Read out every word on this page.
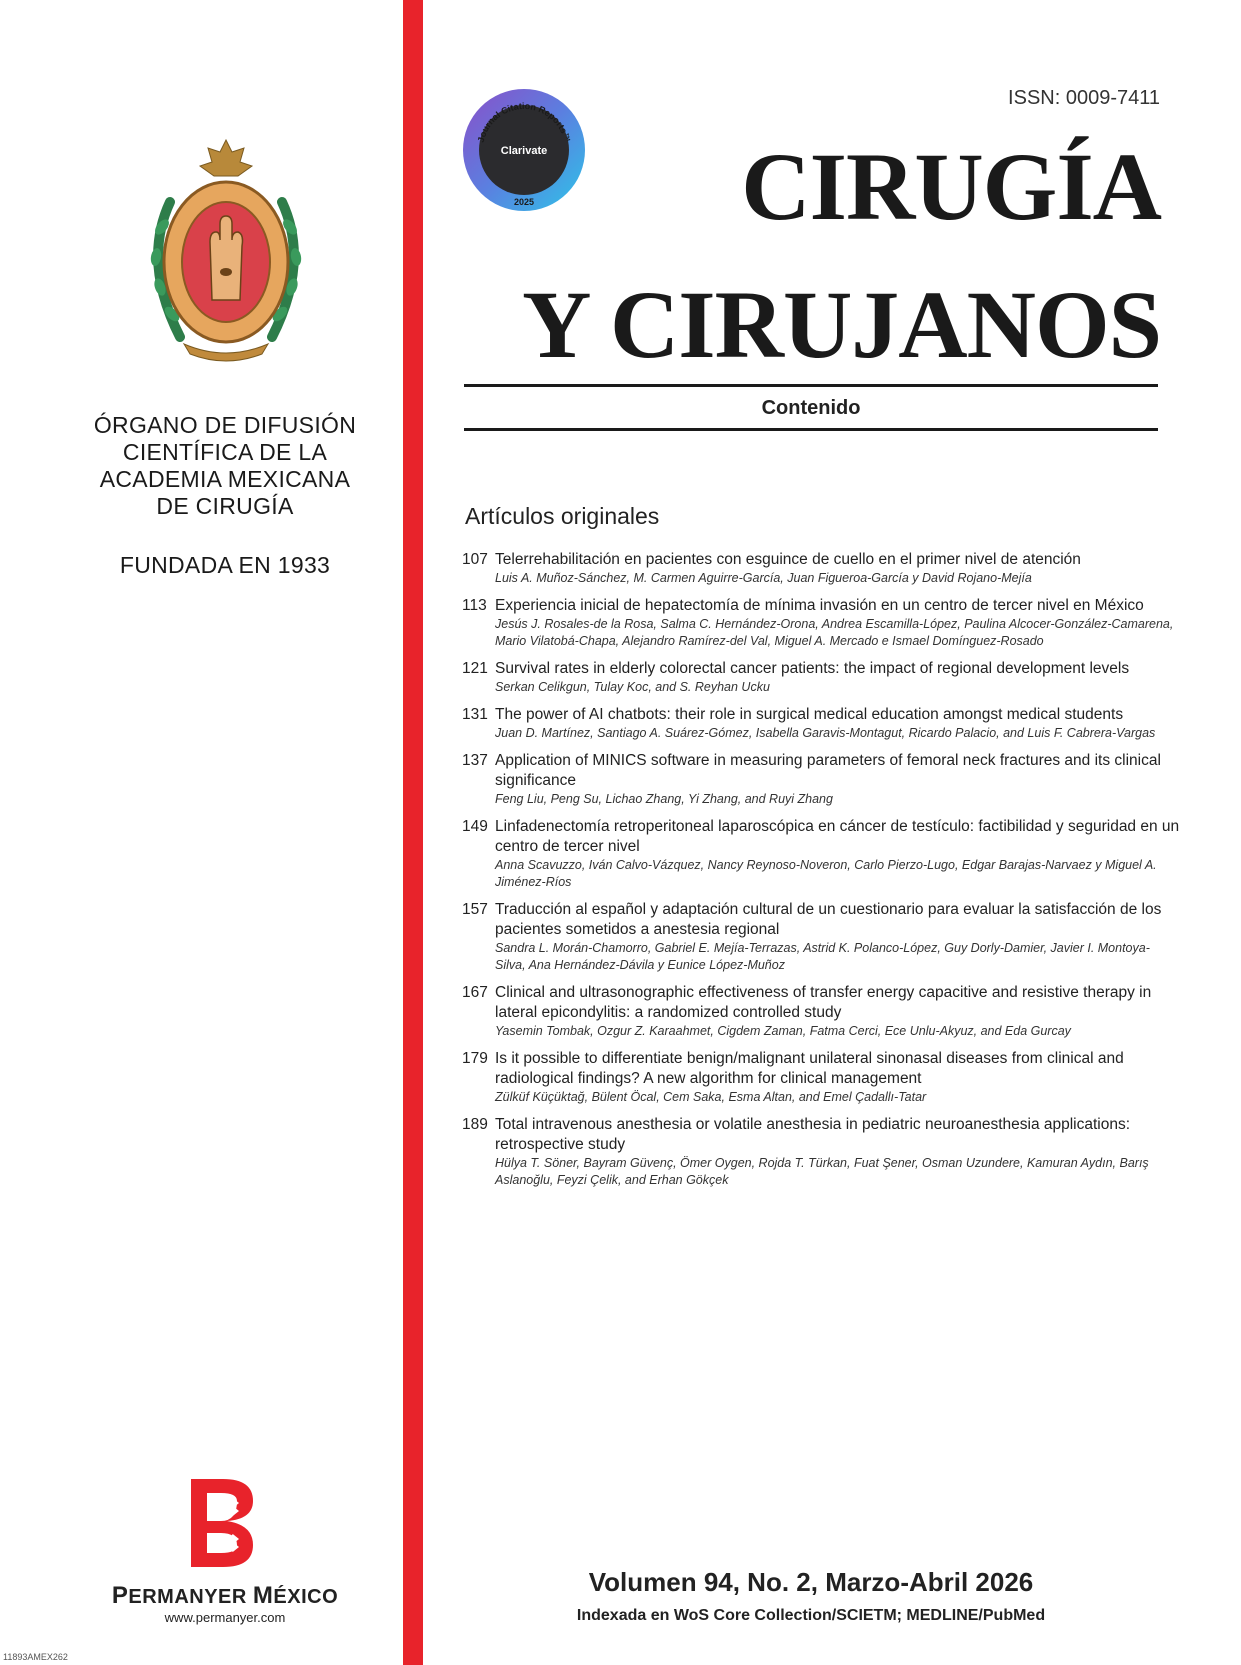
ÓRGANO DE DIFUSIÓN
CIENTÍFICA DE LA
ACADEMIA MEXICANA
DE CIRUGÍA
FUNDADA EN 1933
PERMANYER MÉXICO
www.permanyer.com
11893AMEX262
Journal Citation Reports™
Clarivate
2025
ISSN: 0009-7411
CIRUGÍA
Y CIRUJANOS
Contenido
Artículos originales
107 Telerrehabilitación en pacientes con esguince de cuello en el primer nivel de atención
Luis A. Muñoz-Sánchez, M. Carmen Aguirre-García, Juan Figueroa-García y David Rojano-Mejía
113 Experiencia inicial de hepatectomía de mínima invasión en un centro de tercer nivel en México
Jesús J. Rosales-de la Rosa, Salma C. Hernández-Orona, Andrea Escamilla-López, Paulina Alcocer-González-Camarena, Mario Vilatobá-Chapa, Alejandro Ramírez-del Val, Miguel A. Mercado e Ismael Domínguez-Rosado
121 Survival rates in elderly colorectal cancer patients: the impact of regional development levels
Serkan Celikgun, Tulay Koc, and S. Reyhan Ucku
131 The power of AI chatbots: their role in surgical medical education amongst medical students
Juan D. Martínez, Santiago A. Suárez-Gómez, Isabella Garavis-Montagut, Ricardo Palacio, and Luis F. Cabrera-Vargas
137 Application of MINICS software in measuring parameters of femoral neck fractures and its clinical significance
Feng Liu, Peng Su, Lichao Zhang, Yi Zhang, and Ruyi Zhang
149 Linfadenectomía retroperitoneal laparoscópica en cáncer de testículo: factibilidad y seguridad en un centro de tercer nivel
Anna Scavuzzo, Iván Calvo-Vázquez, Nancy Reynoso-Noveron, Carlo Pierzo-Lugo, Edgar Barajas-Narvaez y Miguel A. Jiménez-Ríos
157 Traducción al español y adaptación cultural de un cuestionario para evaluar la satisfacción de los pacientes sometidos a anestesia regional
Sandra L. Morán-Chamorro, Gabriel E. Mejía-Terrazas, Astrid K. Polanco-López, Guy Dorly-Damier, Javier I. Montoya-Silva, Ana Hernández-Dávila y Eunice López-Muñoz
167 Clinical and ultrasonographic effectiveness of transfer energy capacitive and resistive therapy in lateral epicondylitis: a randomized controlled study
Yasemin Tombak, Ozgur Z. Karaahmet, Cigdem Zaman, Fatma Cerci, Ece Unlu-Akyuz, and Eda Gurcay
179 Is it possible to differentiate benign/malignant unilateral sinonasal diseases from clinical and radiological findings? A new algorithm for clinical management
Zülküf Küçüktağ, Bülent Öcal, Cem Saka, Esma Altan, and Emel Çadallı-Tatar
189 Total intravenous anesthesia or volatile anesthesia in pediatric neuroanesthesia applications: retrospective study
Hülya T. Söner, Bayram Güvenç, Ömer Oygen, Rojda T. Türkan, Fuat Şener, Osman Uzundere, Kamuran Aydın, Barış Aslanoğlu, Feyzi Çelik, and Erhan Gökçek
Volumen 94, No. 2, Marzo-Abril 2026
Indexada en WoS Core Collection/SCIETM; MEDLINE/PubMed
